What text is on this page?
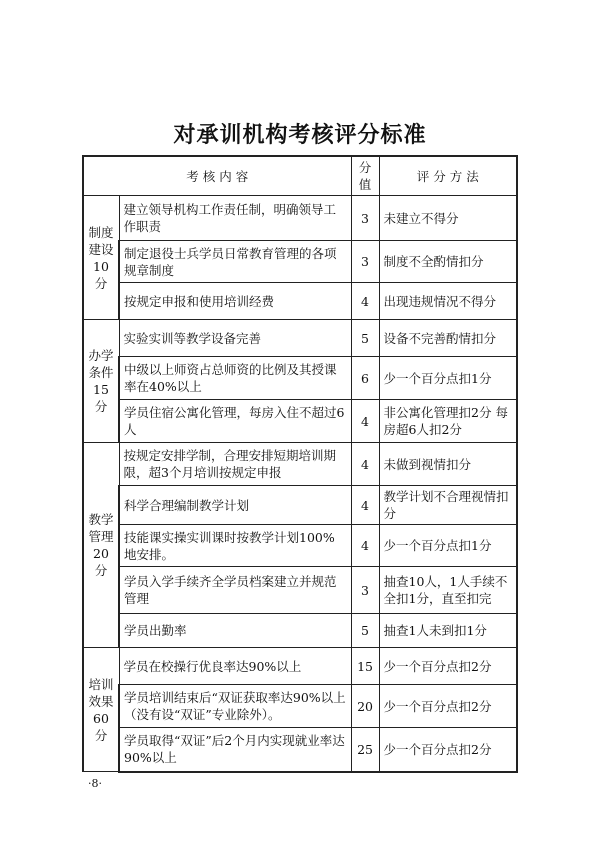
对承训机构考核评分标准
考 核 内 容		分值	评 分 方 法
制度建设10分	建立领导机构工作责任制，明确领导工作职责	3	未建立不得分
	制定退役士兵学员日常教育管理的各项规章制度	3	制度不全酌情扣分
	按规定申报和使用培训经费	4	出现违规情况不得分
办学条件15分	实验实训等教学设备完善	5	设备不完善酌情扣分
	中级以上师资占总师资的比例及其授课率在40%以上	6	少一个百分点扣1分
	学员住宿公寓化管理，每房入住不超过6人	4	非公寓化管理扣2分 每房超6人扣2分
教学管理20分	按规定安排学制，合理安排短期培训期限，超3个月培训按规定申报	4	未做到视情扣分
	科学合理编制教学计划	4	教学计划不合理视情扣分
	技能课实操实训课时按教学计划100%地安排。	4	少一个百分点扣1分
	学员入学手续齐全学员档案建立并规范管理	3	抽查10人，1人手续不全扣1分，直至扣完
	学员出勤率	5	抽查1人未到扣1分
培训效果60分	学员在校操行优良率达90%以上	15	少一个百分点扣2分
	学员培训结束后“双证获取率达90%以上（没有设“双证”专业除外）。	20	少一个百分点扣2分
	学员取得“双证”后2个月内实现就业率达90%以上	25	少一个百分点扣2分
·8·
